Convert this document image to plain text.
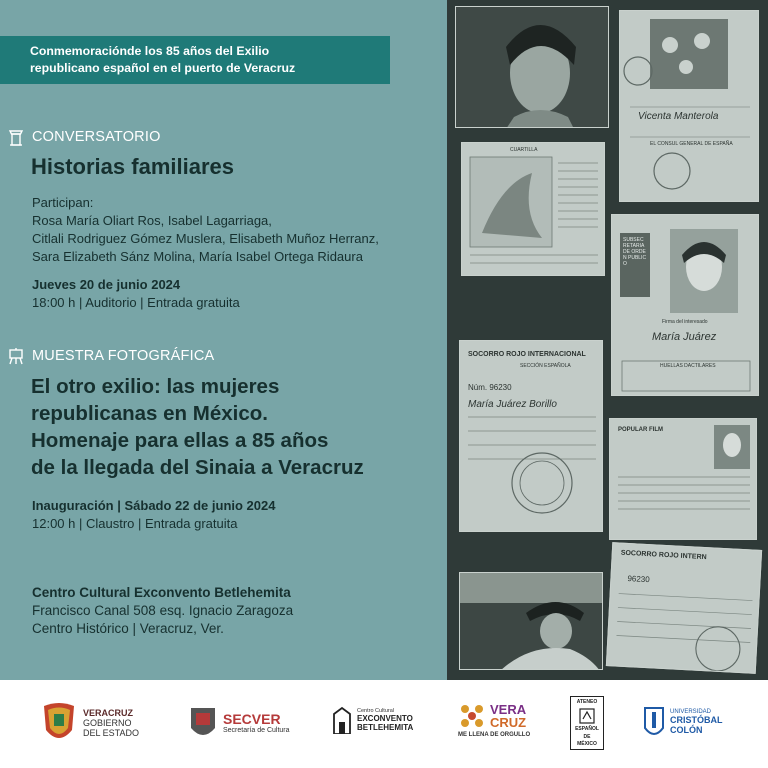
Conmemoraciónde los 85 años del Exilio
republicano español en el puerto de Veracruz
CONVERSATORIO
Historias familiares
Participan:
Rosa María Oliart Ros, Isabel Lagarriaga,
Citlali Rodriguez Gómez Muslera, Elisabeth Muñoz Herranz,
Sara Elizabeth Sánz Molina, María Isabel Ortega Ridaura
Jueves 20 de junio 2024
18:00 h | Auditorio | Entrada gratuita
MUESTRA FOTOGRÁFICA
El otro exilio: las mujeres
republicanas en México.
Homenaje para ellas a 85 años
de la llegada del Sinaia a Veracruz
Inauguración | Sábado 22 de junio 2024
12:00 h | Claustro | Entrada gratuita
Centro Cultural Exconvento Betlehemita
Francisco Canal 508 esq. Ignacio Zaragoza
Centro Histórico | Veracruz, Ver.
Vicenta Manterola
EL CONSUL GENERAL DE ESPAÑA
CUARTILLA
SUBSECRETARIA DE ORDEN PUBLICO
Firma del interesado
María Juárez
HUELLAS DACTILARES
SOCORRO ROJO INTERNACIONAL
SECCIÓN ESPAÑOLA
Núm. 96230
María Juárez Borillo
POPULAR FILM
SOCORRO ROJO INTERN
96230
VERACRUZ
GOBIERNO
DEL ESTADO
SECVER
Secretaría de Cultura
Centro Cultural
EXCONVENTO
BETLEHEMITA
VERA
CRUZ
ME LLENA DE ORGULLO
ATENEO
ESPAÑOL
DE
MÉXICO
UNIVERSIDAD
CRISTÓBAL
COLÓN
